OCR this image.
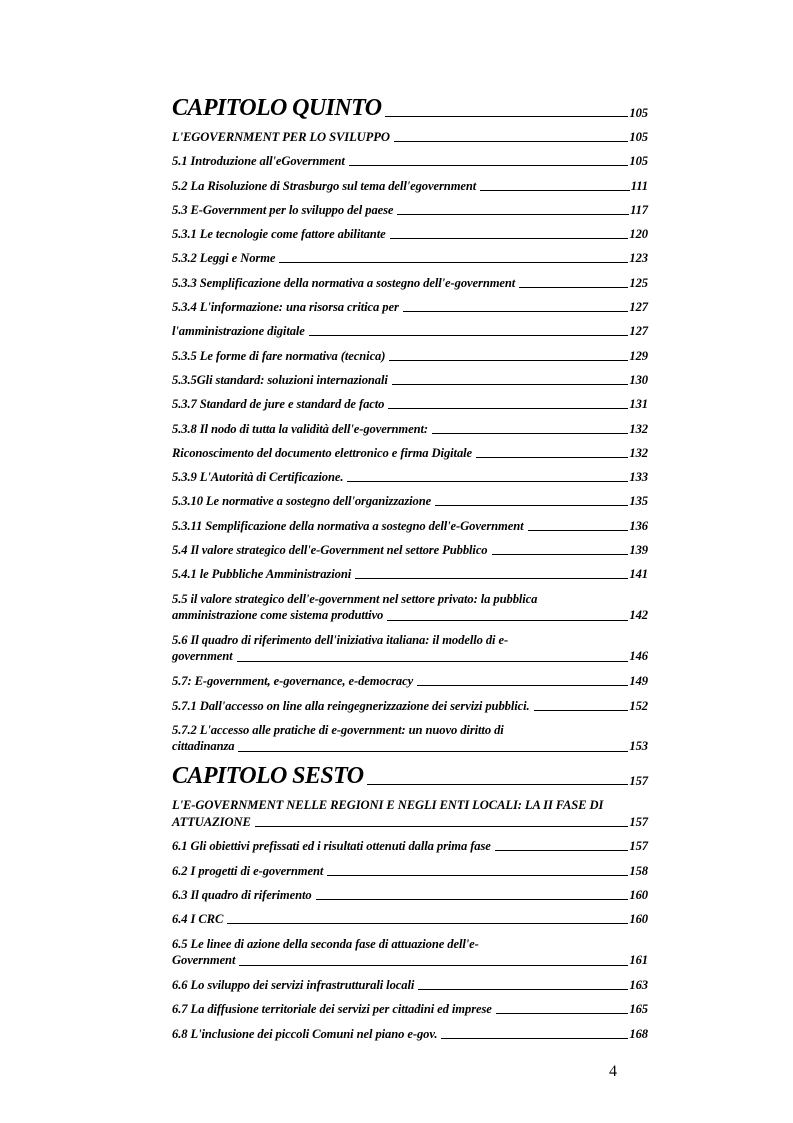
CAPITOLO QUINTO	105
L'EGOVERNMENT PER LO SVILUPPO	105
5.1 Introduzione all'eGovernment	105
5.2 La Risoluzione di Strasburgo sul tema dell'egovernment	111
5.3 E-Government per lo sviluppo del paese	117
5.3.1 Le tecnologie come fattore abilitante	120
5.3.2 Leggi e Norme	123
5.3.3 Semplificazione della normativa a sostegno dell'e-government	125
5.3.4 L'informazione: una risorsa critica per	127
l'amministrazione digitale	127
5.3.5 Le forme di fare normativa (tecnica)	129
5.3.5Gli standard: soluzioni internazionali	130
5.3.7 Standard de jure e standard de facto	131
5.3.8 Il nodo di tutta la validità dell'e-government:	132
Riconoscimento del documento elettronico e firma Digitale	132
5.3.9 L'Autorità di Certificazione.	133
5.3.10 Le normative a sostegno dell'organizzazione	135
5.3.11 Semplificazione della normativa a sostegno dell'e-Government	136
5.4 Il valore strategico dell'e-Government nel settore Pubblico	139
5.4.1 le Pubbliche Amministrazioni	141
5.5 il valore strategico dell'e-government nel settore privato: la pubblica
amministrazione come sistema produttivo	142
5.6 Il quadro di riferimento dell'iniziativa italiana: il modello di e-
government	146
5.7: E-government, e-governance, e-democracy	149
5.7.1 Dall'accesso on line alla reingegnerizzazione dei servizi pubblici.	152
5.7.2 L'accesso alle pratiche di e-government: un nuovo diritto di
cittadinanza	153
CAPITOLO SESTO	157
L'E-GOVERNMENT NELLE REGIONI E NEGLI ENTI LOCALI: LA II FASE DI
ATTUAZIONE	157
6.1 Gli obiettivi prefissati ed i risultati ottenuti dalla prima fase	157
6.2 I progetti di e-government	158
6.3 Il quadro di riferimento	160
6.4 I CRC	160
6.5 Le linee di azione della seconda fase di attuazione dell'e-
Government	161
6.6 Lo sviluppo dei servizi infrastrutturali locali	163
6.7 La diffusione territoriale dei servizi per cittadini ed imprese	165
6.8 L'inclusione dei piccoli Comuni nel piano e-gov.	168
4
